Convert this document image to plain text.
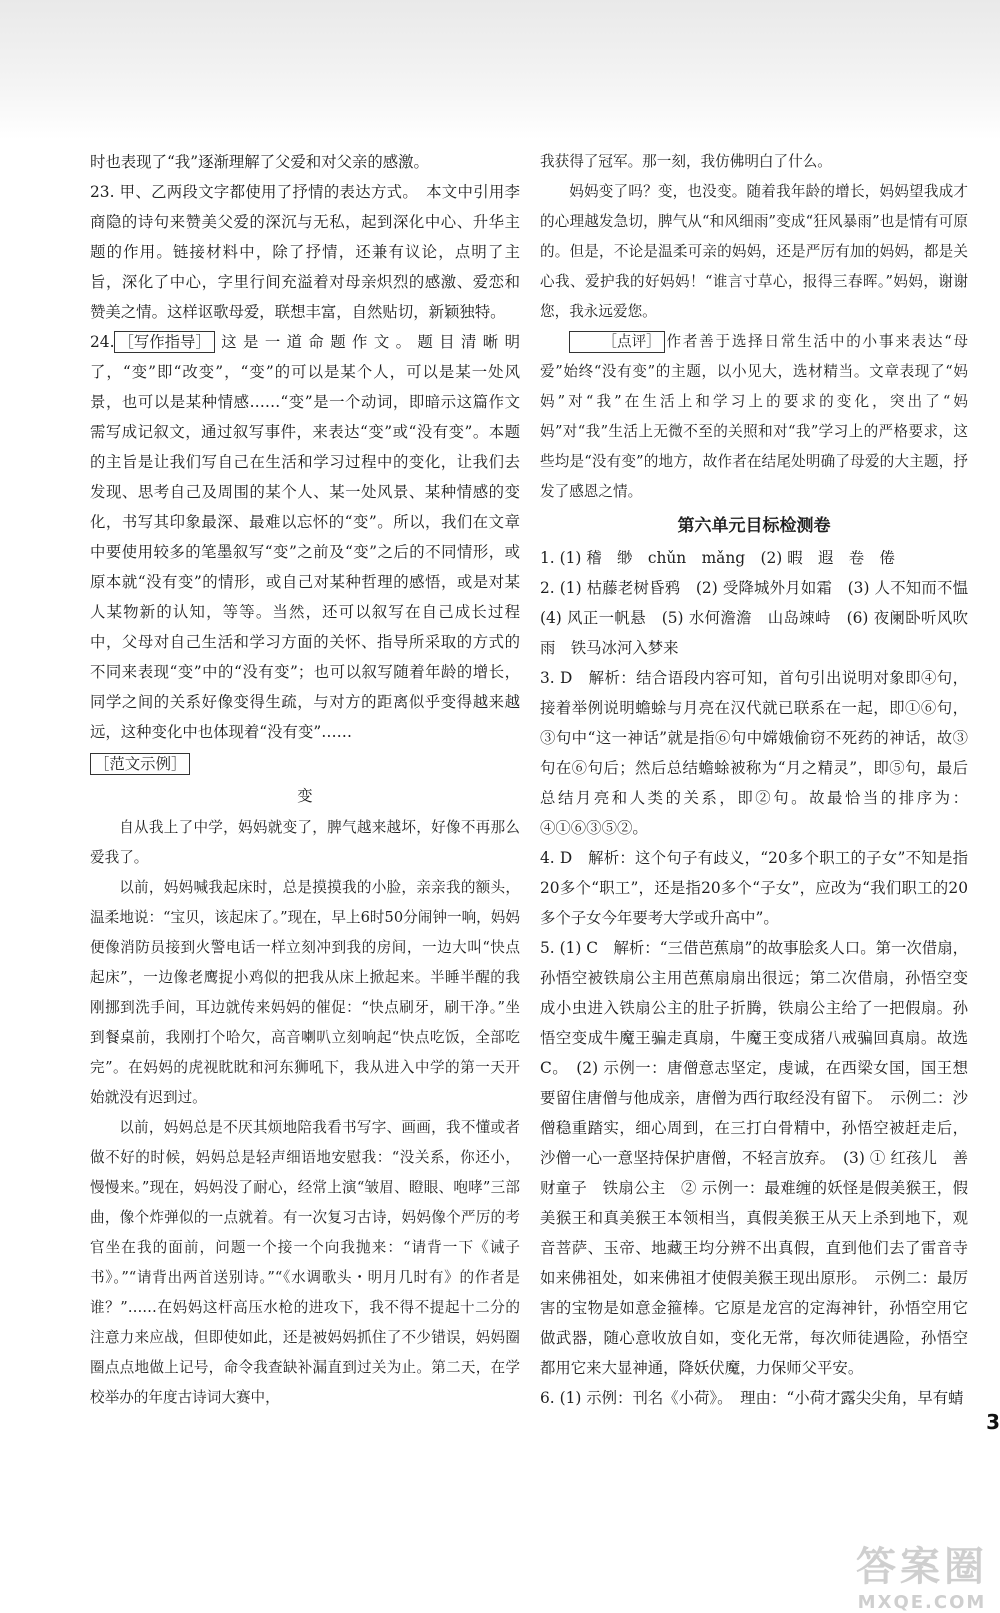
时也表现了“我”逐渐理解了父爱和对父亲的感激。

23. 甲、乙两段文字都使用了抒情的表达方式。　本文中引用李商隐的诗句来赞美父爱的深沉与无私，起到深化中心、升华主题的作用。链接材料中，除了抒情，还兼有议论，点明了主旨，深化了中心，字里行间充溢着对母亲炽烈的感激、爱恋和赞美之情。这样讴歌母爱，联想丰富，自然贴切，新颖独特。

24. ［写作指导］ 这是一道命题作文。题目清晰明了，“变”即“改变”，“变”的可以是某个人，可以是某一处风景，也可以是某种情感……“变”是一个动词，即暗示这篇作文需写成记叙文，通过叙写事件，来表达“变”或“没有变”。本题的主旨是让我们写自己在生活和学习过程中的变化，让我们去发现、思考自己及周围的某个人、某一处风景、某种情感的变化，书写其印象最深、最难以忘怀的“变”。所以，我们在文章中要使用较多的笔墨叙写“变”之前及“变”之后的不同情形，或原本就“没有变”的情形，或自己对某种哲理的感悟，或是对某人某物新的认知，等等。当然，还可以叙写在自己成长过程中，父母对自己生活和学习方面的关怀、指导所采取的方式的不同来表现“变”中的“没有变”；也可以叙写随着年龄的增长，同学之间的关系好像变得生疏，与对方的距离似乎变得越来越远，这种变化中也体现着“没有变”……

［范文示例］

变

自从我上了中学，妈妈就变了，脾气越来越坏，好像不再那么爱我了。

以前，妈妈喊我起床时，总是摸摸我的小脸，亲亲我的额头，温柔地说：“宝贝，该起床了。”现在，早上6时50分闹钟一响，妈妈便像消防员接到火警电话一样立刻冲到我的房间，一边大叫“快点起床”，一边像老鹰捉小鸡似的把我从床上掀起来。半睡半醒的我刚挪到洗手间，耳边就传来妈妈的催促：“快点刷牙，刷干净。”坐到餐桌前，我刚打个哈欠，高音喇叭立刻响起“快点吃饭，全部吃完”。在妈妈的虎视眈眈和河东狮吼下，我从进入中学的第一天开始就没有迟到过。

以前，妈妈总是不厌其烦地陪我看书写字、画画，我不懂或者做不好的时候，妈妈总是轻声细语地安慰我：“没关系，你还小，慢慢来。”现在，妈妈没了耐心，经常上演“皱眉、瞪眼、咆哮”三部曲，像个炸弹似的一点就着。有一次复习古诗，妈妈像个严厉的考官坐在我的面前，问题一个接一个向我抛来：“请背一下《诫子书》。”“请背出两首送别诗。”“《水调歌头・明月几时有》的作者是谁？”……在妈妈这杆高压水枪的进攻下，我不得不提起十二分的注意力来应战，但即使如此，还是被妈妈抓住了不少错误，妈妈圈圈点点地做上记号，命令我查缺补漏直到过关为止。第二天，在学校举办的年度古诗词大赛中，

我获得了冠军。那一刻，我仿佛明白了什么。

妈妈变了吗？变，也没变。随着我年龄的增长，妈妈望我成才的心理越发急切，脾气从“和风细雨”变成“狂风暴雨”也是情有可原的。但是，不论是温柔可亲的妈妈，还是严厉有加的妈妈，都是关心我、爱护我的好妈妈！“谁言寸草心，报得三春晖。”妈妈，谢谢您，我永远爱您。

［点评］ 作者善于选择日常生活中的小事来表达“母爱”始终“没有变”的主题，以小见大，选材精当。文章表现了“妈妈”对“我”在生活上和学习上的要求的变化，突出了“妈妈”对“我”生活上无微不至的关照和对“我”学习上的严格要求，这些均是“没有变”的地方，故作者在结尾处明确了母爱的大主题，抒发了感恩之情。

第六单元目标检测卷

1. (1) 稽　缈　chǔn　mǎng　(2) 暇　遐　卷　倦

2. (1) 枯藤老树昏鸦　(2) 受降城外月如霜　(3) 人不知而不愠　(4) 风正一帆悬　(5) 水何澹澹　山岛竦峙　(6) 夜阑卧听风吹雨　铁马冰河入梦来

3. D　解析：结合语段内容可知，首句引出说明对象即④句，接着举例说明蟾蜍与月亮在汉代就已联系在一起，即①⑥句，③句中“这一神话”就是指⑥句中嫦娥偷窃不死药的神话，故③句在⑥句后；然后总结蟾蜍被称为“月之精灵”，即⑤句，最后总结月亮和人类的关系，即②句。故最恰当的排序为：④①⑥③⑤②。

4. D　解析：这个句子有歧义，“20多个职工的子女”不知是指20多个“职工”，还是指20多个“子女”，应改为“我们职工的20多个子女今年要考大学或升高中”。

5. (1) C　解析：“三借芭蕉扇”的故事脍炙人口。第一次借扇，孙悟空被铁扇公主用芭蕉扇扇出很远；第二次借扇，孙悟空变成小虫进入铁扇公主的肚子折腾，铁扇公主给了一把假扇。孙悟空变成牛魔王骗走真扇，牛魔王变成猪八戒骗回真扇。故选C。　(2) 示例一：唐僧意志坚定，虔诚，在西梁女国，国王想要留住唐僧与他成亲，唐僧为西行取经没有留下。　示例二：沙僧稳重踏实，细心周到，在三打白骨精中，孙悟空被赶走后，沙僧一心一意坚持保护唐僧，不轻言放弃。　(3) ① 红孩儿　善财童子　铁扇公主　② 示例一：最难缠的妖怪是假美猴王，假美猴王和真美猴王本领相当，真假美猴王从天上杀到地下，观音菩萨、玉帝、地藏王均分辨不出真假，直到他们去了雷音寺如来佛祖处，如来佛祖才使假美猴王现出原形。　示例二：最厉害的宝物是如意金箍棒。它原是龙宫的定海神针，孙悟空用它做武器，随心意收放自如，变化无常，每次师徒遇险，孙悟空都用它来大显神通，降妖伏魔，力保师父平安。

6. (1) 示例：刊名《小荷》。　理由：“小荷才露尖尖角，早有蜻

3
答案圈
MXQE.COM
